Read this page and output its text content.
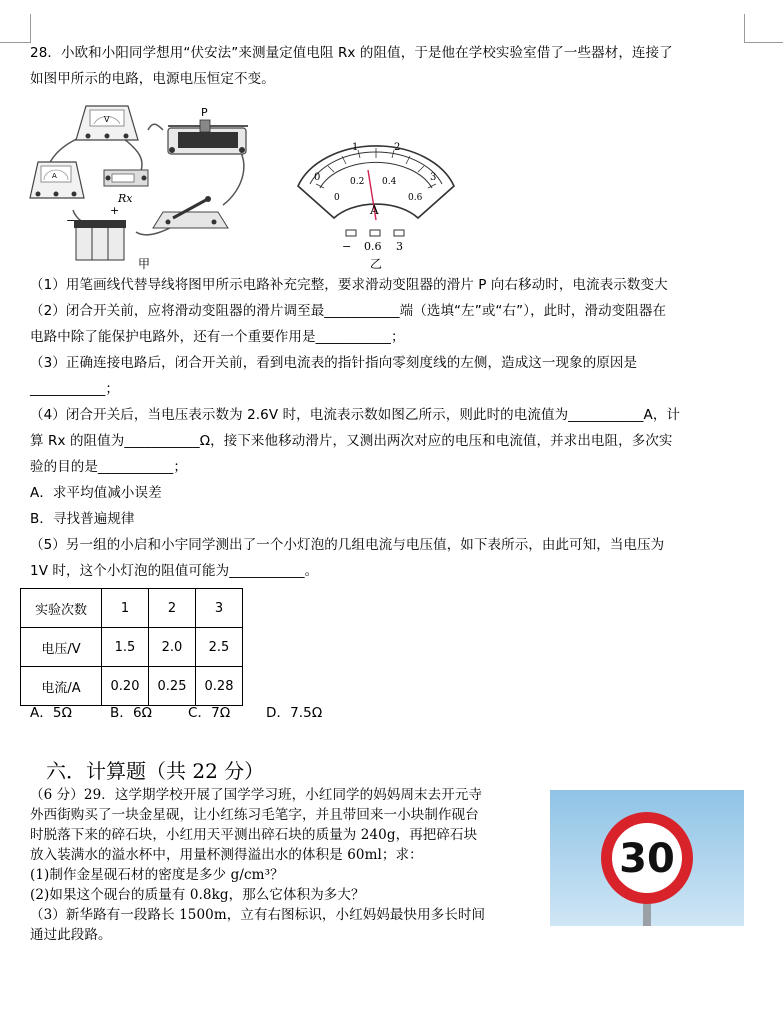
28．小欧和小阳同学想用“伏安法”来测量定值电阻 Rx 的阻值，于是他在学校实验室借了一些器材，连接了
如图甲所示的电路，电源电压恒定不变。
V
A
P
Rx
−
+
甲
0
1	2
3
0
0.2 0.4
0.6
A
− 0.6 3
乙
（1）用笔画线代替导线将图甲所示电路补充完整，要求滑动变阻器的滑片 P 向右移动时，电流表示数变大
（2）闭合开关前，应将滑动变阻器的滑片调至最___________端（选填“左”或“右”），此时，滑动变阻器在
电路中除了能保护电路外，还有一个重要作用是___________；
（3）正确连接电路后，闭合开关前，看到电流表的指针指向零刻度线的左侧，造成这一现象的原因是
___________；
（4）闭合开关后，当电压表示数为 2.6V 时，电流表示数如图乙所示，则此时的电流值为___________A，计
算 Rx 的阻值为___________Ω，接下来他移动滑片，又测出两次对应的电压和电流值，并求出电阻，多次实
验的目的是___________；
A．求平均值减小误差
B．寻找普遍规律
（5）另一组的小启和小宇同学测出了一个小灯泡的几组电流与电压值，如下表所示，由此可知，当电压为
1V 时，这个小灯泡的阻值可能为___________。
实验次数	1	2	3
电压/V	1.5	2.0	2.5
电流/A	0.20	0.25	0.28
A．5Ω	B．6Ω	C．7Ω	D．7.5Ω
六．计算题（共 22 分）
（6 分）29．这学期学校开展了国学学习班，小红同学的妈妈周末去开元寺
外西街购买了一块金星砚，让小红练习毛笔字，并且带回来一小块制作砚台
时脱落下来的碎石块，小红用天平测出碎石块的质量为 240g，再把碎石块
放入装满水的溢水杯中，用量杯测得溢出水的体积是 60ml；求：
(1)制作金星砚石材的密度是多少 g/cm³？
(2)如果这个砚台的质量有 0.8kg，那么它体积为多大？
（3）新华路有一段路长 1500m，立有右图标识，小红妈妈最快用多长时间
通过此段路。
30
